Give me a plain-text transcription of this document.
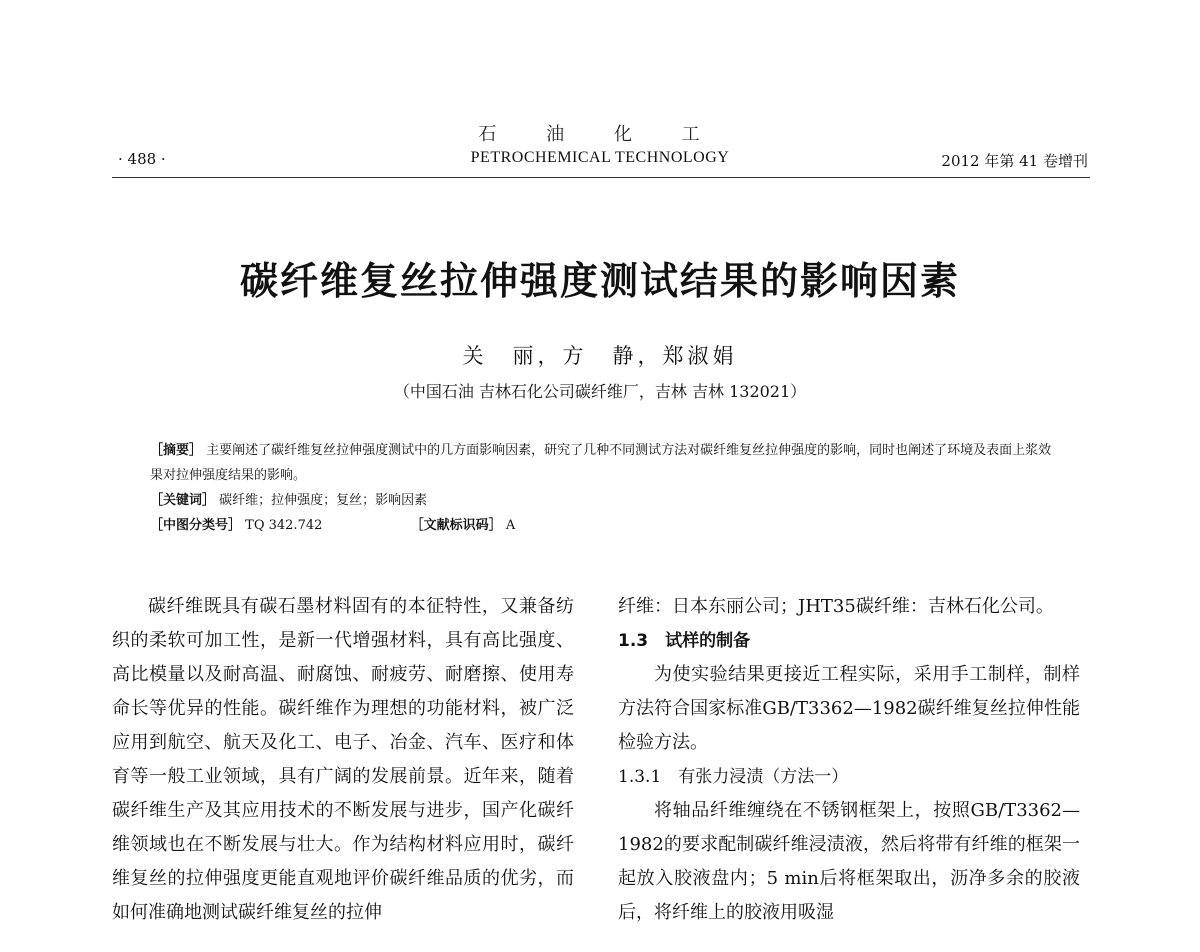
石 油 化 工
· 488 ·	PETROCHEMICAL TECHNOLOGY	2012 年第 41 卷增刊
碳纤维复丝拉伸强度测试结果的影响因素
关　丽，方　静，郑淑娟
（中国石油 吉林石化公司碳纤维厂，吉林 吉林 132021）

［摘要］ 主要阐述了碳纤维复丝拉伸强度测试中的几方面影响因素，研究了几种不同测试方法对碳纤维复丝拉伸强度的影响，同时也阐述了环境及表面上浆效果对拉伸强度结果的影响。

［关键词］ 碳纤维；拉伸强度；复丝；影响因素

［中图分类号］ TQ 342.742	［文献标识码］ A

碳纤维既具有碳石墨材料固有的本征特性，又兼备纺织的柔软可加工性，是新一代增强材料，具有高比强度、高比模量以及耐高温、耐腐蚀、耐疲劳、耐磨擦、使用寿命长等优异的性能。碳纤维作为理想的功能材料，被广泛应用到航空、航天及化工、电子、冶金、汽车、医疗和体育等一般工业领域，具有广阔的发展前景。近年来，随着碳纤维生产及其应用技术的不断发展与进步，国产化碳纤维领域也在不断发展与壮大。作为结构材料应用时，碳纤维复丝的拉伸强度更能直观地评价碳纤维品质的优劣，而如何准确地测试碳纤维复丝的拉伸

纤维：日本东丽公司；JHT35碳纤维：吉林石化公司。

1.3　试样的制备

为使实验结果更接近工程实际，采用手工制样，制样方法符合国家标准GB/T3362—1982碳纤维复丝拉伸性能检验方法。

1.3.1　有张力浸渍（方法一）

将轴品纤维缠绕在不锈钢框架上，按照GB/T3362—1982的要求配制碳纤维浸渍液，然后将带有纤维的框架一起放入胶液盘内；5 min后将框架取出，沥净多余的胶液后，将纤维上的胶液用吸湿
